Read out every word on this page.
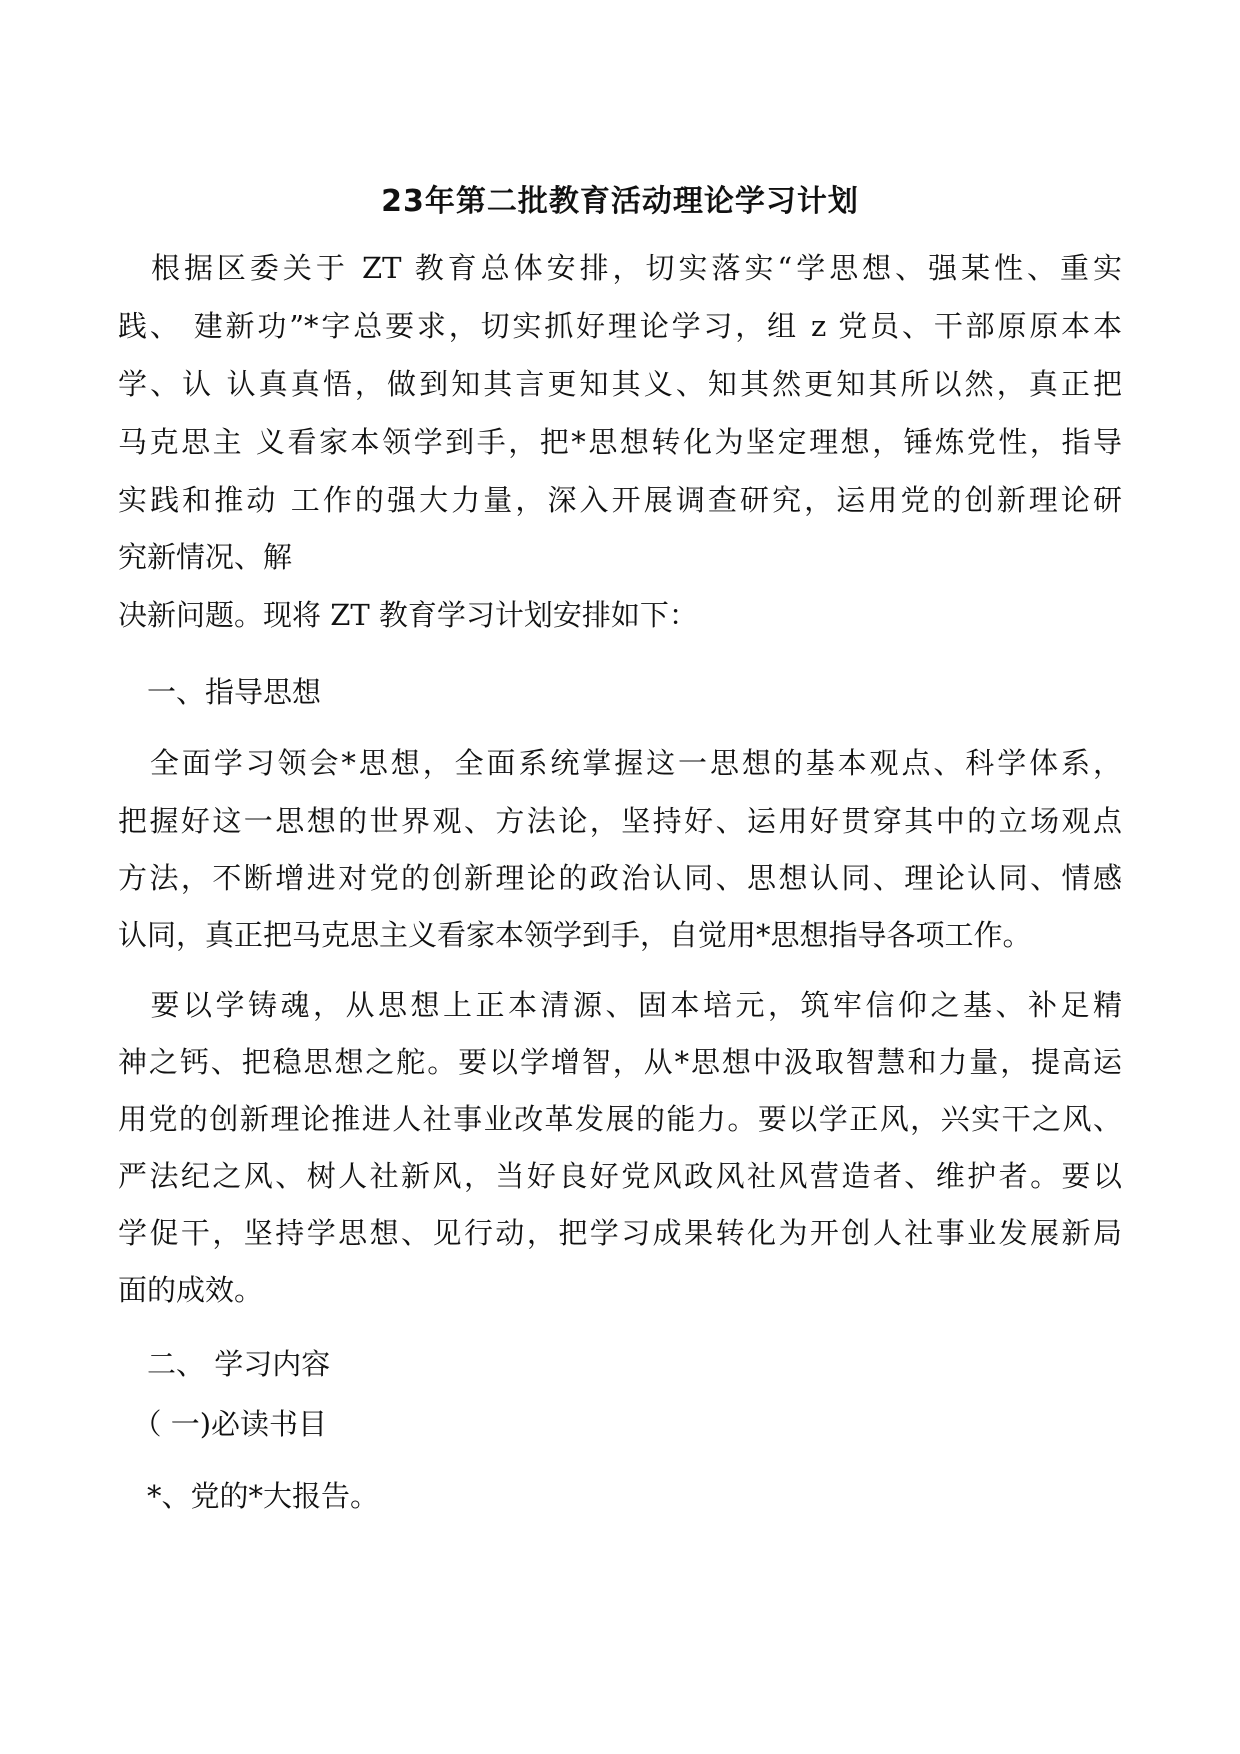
23年第二批教育活动理论学习计划
　根据区委关于 ZT 教育总体安排，切实落实“学思想、强某性、重实
践、 建新功”*字总要求，切实抓好理论学习，组 z 党员、干部原原本本
学、认 认真真悟，做到知其言更知其义、知其然更知其所以然，真正把
马克思主 义看家本领学到手，把*思想转化为坚定理想，锤炼党性，指导
实践和推动 工作的强大力量，深入开展调查研究，运用党的创新理论研
究新情况、解
决新问题。现将 ZT 教育学习计划安排如下：
　一、指导思想
　全面学习领会*思想，全面系统掌握这一思想的基本观点、科学体系，
把握好这一思想的世界观、方法论，坚持好、运用好贯穿其中的立场观点
方法，不断增进对党的创新理论的政治认同、思想认同、理论认同、情感
认同，真正把马克思主义看家本领学到手，自觉用*思想指导各项工作。
　要以学铸魂，从思想上正本清源、固本培元，筑牢信仰之基、补足精
神之钙、把稳思想之舵。要以学增智，从*思想中汲取智慧和力量，提高运
用党的创新理论推进人社事业改革发展的能力。要以学正风，兴实干之风、
严法纪之风、树人社新风，当好良好党风政风社风营造者、维护者。要以
学促干，坚持学思想、见行动，把学习成果转化为开创人社事业发展新局
面的成效。
　二、 学习内容
　（ 一)必读书目
　*、党的*大报告。
